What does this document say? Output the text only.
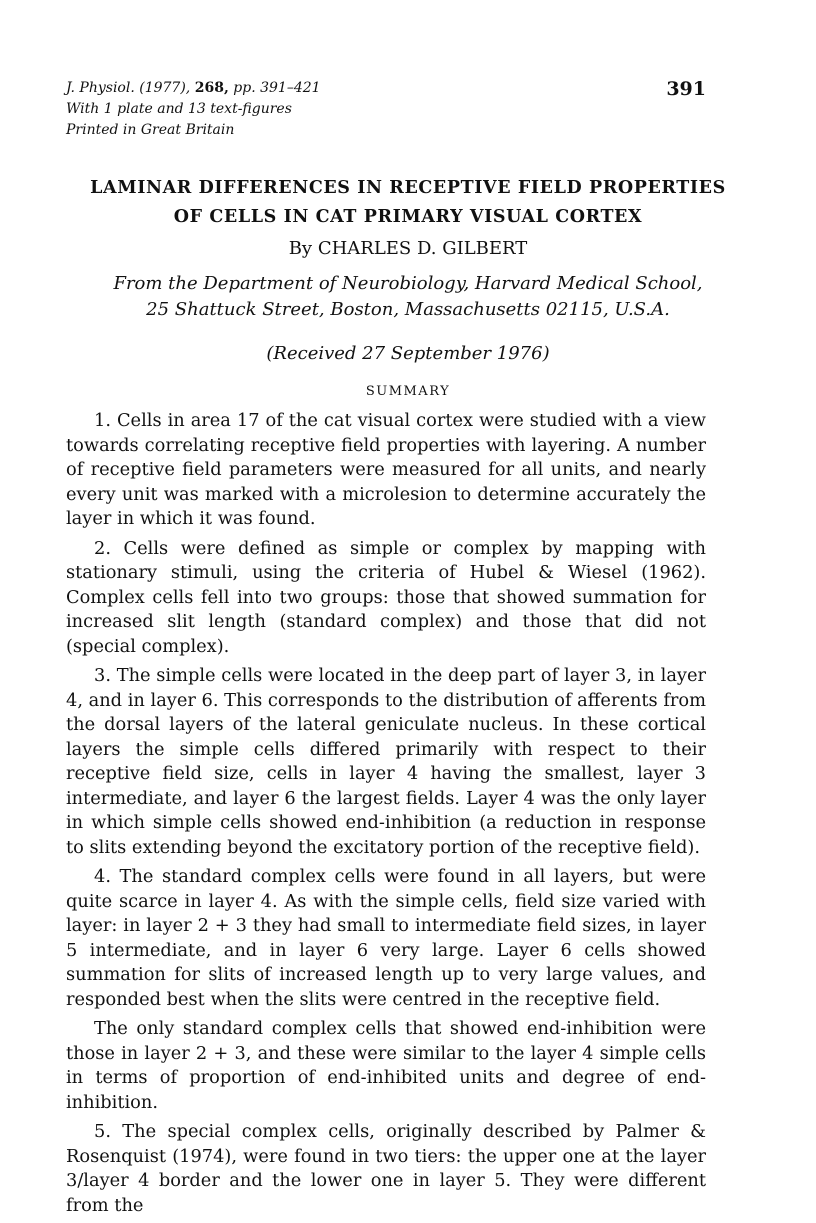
J. Physiol. (1977), 268, pp. 391–421
With 1 plate and 13 text-figures
Printed in Great Britain
391
LAMINAR DIFFERENCES IN RECEPTIVE FIELD PROPERTIES
OF CELLS IN CAT PRIMARY VISUAL CORTEX
By CHARLES D. GILBERT
From the Department of Neurobiology, Harvard Medical School,
25 Shattuck Street, Boston, Massachusetts 02115, U.S.A.
(Received 27 September 1976)
SUMMARY

1. Cells in area 17 of the cat visual cortex were studied with a view towards correlating receptive field properties with layering. A number of receptive field parameters were measured for all units, and nearly every unit was marked with a microlesion to determine accurately the layer in which it was found.

2. Cells were defined as simple or complex by mapping with stationary stimuli, using the criteria of Hubel & Wiesel (1962). Complex cells fell into two groups: those that showed summation for increased slit length (standard complex) and those that did not (special complex).

3. The simple cells were located in the deep part of layer 3, in layer 4, and in layer 6. This corresponds to the distribution of afferents from the dorsal layers of the lateral geniculate nucleus. In these cortical layers the simple cells differed primarily with respect to their receptive field size, cells in layer 4 having the smallest, layer 3 intermediate, and layer 6 the largest fields. Layer 4 was the only layer in which simple cells showed end-inhibition (a reduction in response to slits extending beyond the excitatory portion of the receptive field).

4. The standard complex cells were found in all layers, but were quite scarce in layer 4. As with the simple cells, field size varied with layer: in layer 2 + 3 they had small to intermediate field sizes, in layer 5 intermediate, and in layer 6 very large. Layer 6 cells showed summation for slits of increased length up to very large values, and responded best when the slits were centred in the receptive field.

The only standard complex cells that showed end-inhibition were those in layer 2 + 3, and these were similar to the layer 4 simple cells in terms of proportion of end-inhibited units and degree of end-inhibition.

5. The special complex cells, originally described by Palmer & Rosenquist (1974), were found in two tiers: the upper one at the layer 3/layer 4 border and the lower one in layer 5. They were different from the
